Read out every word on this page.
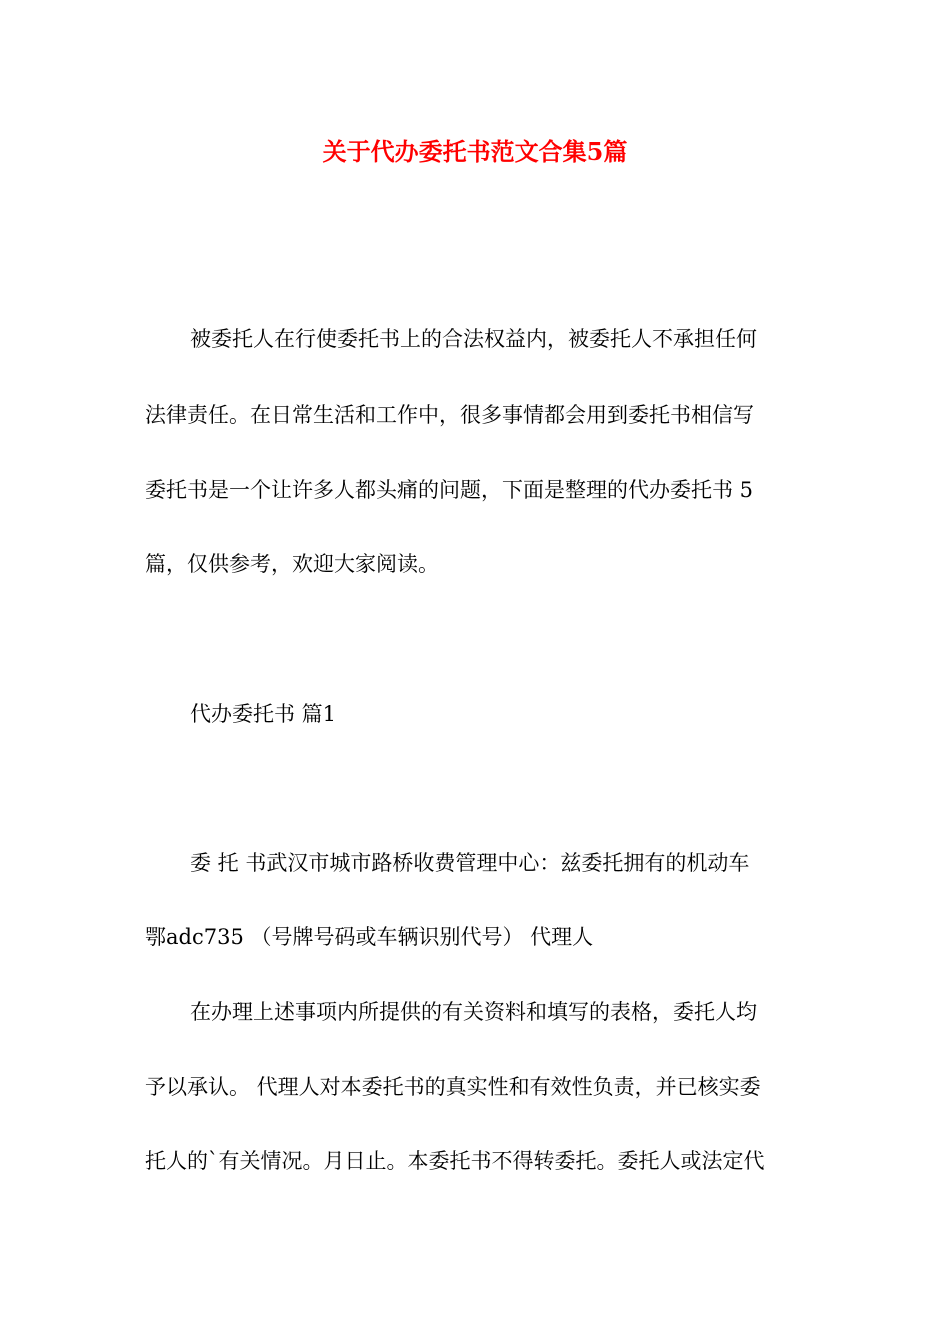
关于代办委托书范文合集5篇

被委托人在行使委托书上的合法权益内，被委托人不承担任何

法律责任。在日常生活和工作中，很多事情都会用到委托书相信写

委托书是一个让许多人都头痛的问题，下面是整理的代办委托书 5

篇，仅供参考，欢迎大家阅读。

代办委托书 篇1

委 托 书武汉市城市路桥收费管理中心：兹委托拥有的机动车

鄂adc735 （号牌号码或车辆识别代号） 代理人

在办理上述事项内所提供的有关资料和填写的表格，委托人均

予以承认。 代理人对本委托书的真实性和有效性负责，并已核实委

托人的`有关情况。月日止。本委托书不得转委托。委托人或法定代
